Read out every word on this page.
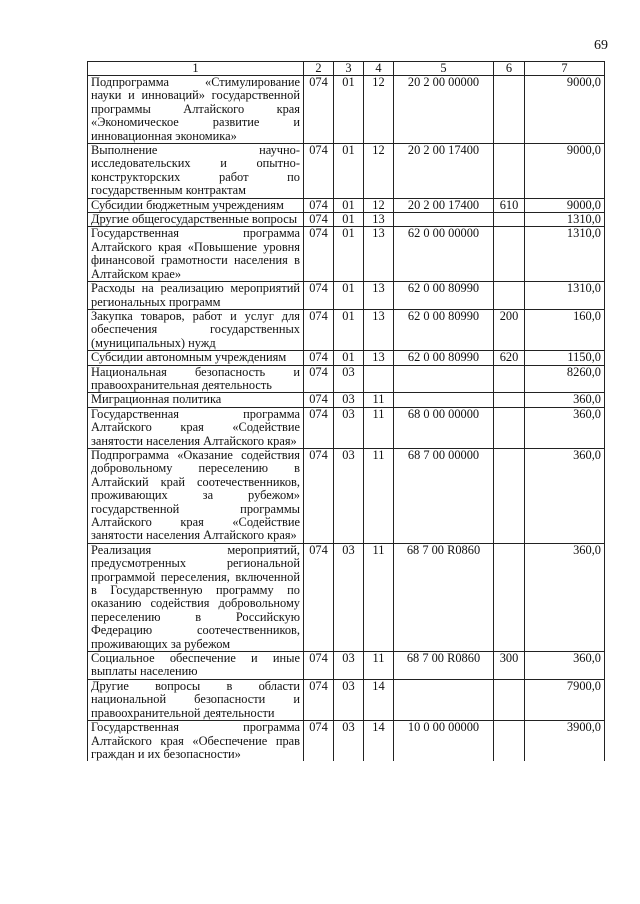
69
1	2	3	4	5	6	7
Подпрограмма «Стимулирование науки и инноваций» государственной программы Алтайского края «Экономическое развитие и инновационная экономика»	074	01	12	20 2 00 00000		9000,0
Выполнение научно-исследовательских и опытно-конструкторских работ по государственным контрактам	074	01	12	20 2 00 17400		9000,0
Субсидии бюджетным учреждениям	074	01	12	20 2 00 17400	610	9000,0
Другие общегосударственные вопросы	074	01	13			1310,0
Государственная программа Алтайского края «Повышение уровня финансовой грамотности населения в Алтайском крае»	074	01	13	62 0 00 00000		1310,0
Расходы на реализацию мероприятий региональных программ	074	01	13	62 0 00 80990		1310,0
Закупка товаров, работ и услуг для обеспечения государственных (муниципальных) нужд	074	01	13	62 0 00 80990	200	160,0
Субсидии автономным учреждениям	074	01	13	62 0 00 80990	620	1150,0
Национальная безопасность и правоохранительная деятельность	074	03				8260,0
Миграционная политика	074	03	11			360,0
Государственная программа Алтайского края «Содействие занятости населения Алтайского края»	074	03	11	68 0 00 00000		360,0
Подпрограмма «Оказание содействия добровольному переселению в Алтайский край соотечественников, проживающих за рубежом» государственной программы Алтайского края «Содействие занятости населения Алтайского края»	074	03	11	68 7 00 00000		360,0
Реализация мероприятий, предусмотренных региональной программой переселения, включенной в Государственную программу по оказанию содействия добровольному переселению в Российскую Федерацию соотечественников, проживающих за рубежом	074	03	11	68 7 00 R0860		360,0
Социальное обеспечение и иные выплаты населению	074	03	11	68 7 00 R0860	300	360,0
Другие вопросы в области национальной безопасности и правоохранительной деятельности	074	03	14			7900,0
Государственная программа Алтайского края «Обеспечение прав граждан и их безопасности»	074	03	14	10 0 00 00000		3900,0
